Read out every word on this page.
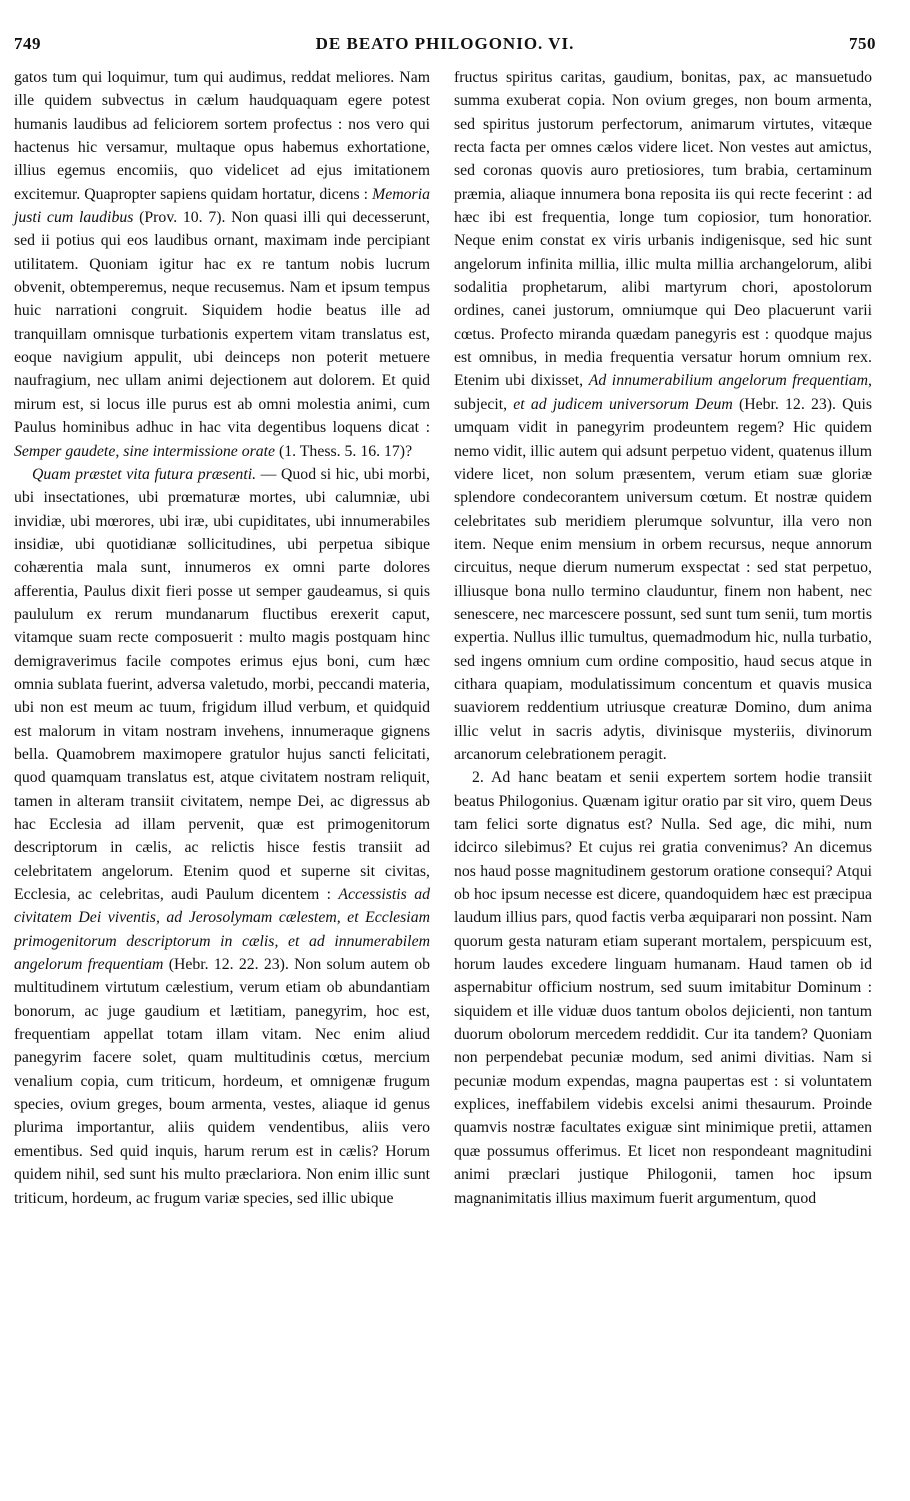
749	DE BEATO PHILOGONIO. VI.	750

gatos tum qui loquimur, tum qui audimus, reddat meliores. Nam ille quidem subvectus in cælum haudquaquam egere potest humanis laudibus ad feliciorem sortem profectus : nos vero qui hactenus hic versamur, multaque opus habemus exhortatione, illius egemus encomiis, quo videlicet ad ejus imitationem excitemur. Quapropter sapiens quidam hortatur, dicens : Memoria justi cum laudibus (Prov. 10. 7). Non quasi illi qui decesserunt, sed ii potius qui eos laudibus ornant, maximam inde percipiant utilitatem. Quoniam igitur hac ex re tantum nobis lucrum obvenit, obtemperemus, neque recusemus. Nam et ipsum tempus huic narrationi congruit. Siquidem hodie beatus ille ad tranquillam omnisque turbationis expertem vitam translatus est, eoque navigium appulit, ubi deinceps non poterit metuere naufragium, nec ullam animi dejectionem aut dolorem. Et quid mirum est, si locus ille purus est ab omni molestia animi, cum Paulus hominibus adhuc in hac vita degentibus loquens dicat : Semper gaudete, sine intermissione orate (1. Thess. 5. 16. 17)?

Quam præstet vita futura præsenti. — Quod si hic, ubi morbi, ubi insectationes, ubi prœmaturæ mortes, ubi calumniæ, ubi invidiæ, ubi mœrores, ubi iræ, ubi cupiditates, ubi innumerabiles insidiæ, ubi quotidianæ sollicitudines, ubi perpetua sibique cohærentia mala sunt, innumeros ex omni parte dolores afferentia, Paulus dixit fieri posse ut semper gaudeamus, si quis paululum ex rerum mundanarum fluctibus erexerit caput, vitamque suam recte composuerit : multo magis postquam hinc demigraverimus facile compotes erimus ejus boni, cum hæc omnia sublata fuerint, adversa valetudo, morbi, peccandi materia, ubi non est meum ac tuum, frigidum illud verbum, et quidquid est malorum in vitam nostram invehens, innumeraque gignens bella. Quamobrem maximopere gratulor hujus sancti felicitati, quod quamquam translatus est, atque civitatem nostram reliquit, tamen in alteram transiit civitatem, nempe Dei, ac digressus ab hac Ecclesia ad illam pervenit, quæ est primogenitorum descriptorum in cælis, ac relictis hisce festis transiit ad celebritatem angelorum. Etenim quod et superne sit civitas, Ecclesia, ac celebritas, audi Paulum dicentem : Accessistis ad civitatem Dei viventis, ad Jerosolymam cælestem, et Ecclesiam primogenitorum descriptorum in cælis, et ad innumerabilem angelorum frequentiam (Hebr. 12. 22. 23). Non solum autem ob multitudinem virtutum cælestium, verum etiam ob abundantiam bonorum, ac juge gaudium et lætitiam, panegyrim, hoc est, frequentiam appellat totam illam vitam. Nec enim aliud panegyrim facere solet, quam multitudinis cœtus, mercium venalium copia, cum triticum, hordeum, et omnigenæ frugum species, ovium greges, boum armenta, vestes, aliaque id genus plurima importantur, aliis quidem vendentibus, aliis vero ementibus. Sed quid inquis, harum rerum est in cælis? Horum quidem nihil, sed sunt his multo præclariora. Non enim illic sunt triticum, hordeum, ac frugum variæ species, sed illic ubique

fructus spiritus caritas, gaudium, bonitas, pax, ac mansuetudo summa exuberat copia. Non ovium greges, non boum armenta, sed spiritus justorum perfectorum, animarum virtutes, vitæque recta facta per omnes cælos videre licet. Non vestes aut amictus, sed coronas quovis auro pretiosiores, tum brabia, certaminum præmia, aliaque innumera bona reposita iis qui recte fecerint : ad hæc ibi est frequentia, longe tum copiosior, tum honoratior. Neque enim constat ex viris urbanis indigenisque, sed hic sunt angelorum infinita millia, illic multa millia archangelorum, alibi sodalitia prophetarum, alibi martyrum chori, apostolorum ordines, canei justorum, omniumque qui Deo placuerunt varii cœtus. Profecto miranda quædam panegyris est : quodque majus est omnibus, in media frequentia versatur horum omnium rex. Etenim ubi dixisset, Ad innumerabilium angelorum frequentiam, subjecit, et ad judicem universorum Deum (Hebr. 12. 23). Quis umquam vidit in panegyrim prodeuntem regem? Hic quidem nemo vidit, illic autem qui adsunt perpetuo vident, quatenus illum videre licet, non solum præsentem, verum etiam suæ gloriæ splendore condecorantem universum cœtum. Et nostræ quidem celebritates sub meridiem plerumque solvuntur, illa vero non item. Neque enim mensium in orbem recursus, neque annorum circuitus, neque dierum numerum exspectat : sed stat perpetuo, illiusque bona nullo termino clauduntur, finem non habent, nec senescere, nec marcescere possunt, sed sunt tum senii, tum mortis expertia. Nullus illic tumultus, quemadmodum hic, nulla turbatio, sed ingens omnium cum ordine compositio, haud secus atque in cithara quapiam, modulatissimum concentum et quavis musica suaviorem reddentium utriusque creaturæ Domino, dum anima illic velut in sacris adytis, divinisque mysteriis, divinorum arcanorum celebrationem peragit.

2. Ad hanc beatam et senii expertem sortem hodie transiit beatus Philogonius. Quænam igitur oratio par sit viro, quem Deus tam felici sorte dignatus est? Nulla. Sed age, dic mihi, num idcirco silebimus? Et cujus rei gratia convenimus? An dicemus nos haud posse magnitudinem gestorum oratione consequi? Atqui ob hoc ipsum necesse est dicere, quandoquidem hæc est præcipua laudum illius pars, quod factis verba æquiparari non possint. Nam quorum gesta naturam etiam superant mortalem, perspicuum est, horum laudes excedere linguam humanam. Haud tamen ob id aspernabitur officium nostrum, sed suum imitabitur Dominum : siquidem et ille viduæ duos tantum obolos dejicienti, non tantum duorum obolorum mercedem reddidit. Cur ita tandem? Quoniam non perpendebat pecuniæ modum, sed animi divitias. Nam si pecuniæ modum expendas, magna paupertas est : si voluntatem explices, ineffabilem videbis excelsi animi thesaurum. Proinde quamvis nostræ facultates exiguæ sint minimique pretii, attamen quæ possumus offerimus. Et licet non respondeant magnitudini animi præclari justique Philogonii, tamen hoc ipsum magnanimitatis illius maximum fuerit argumentum, quod
